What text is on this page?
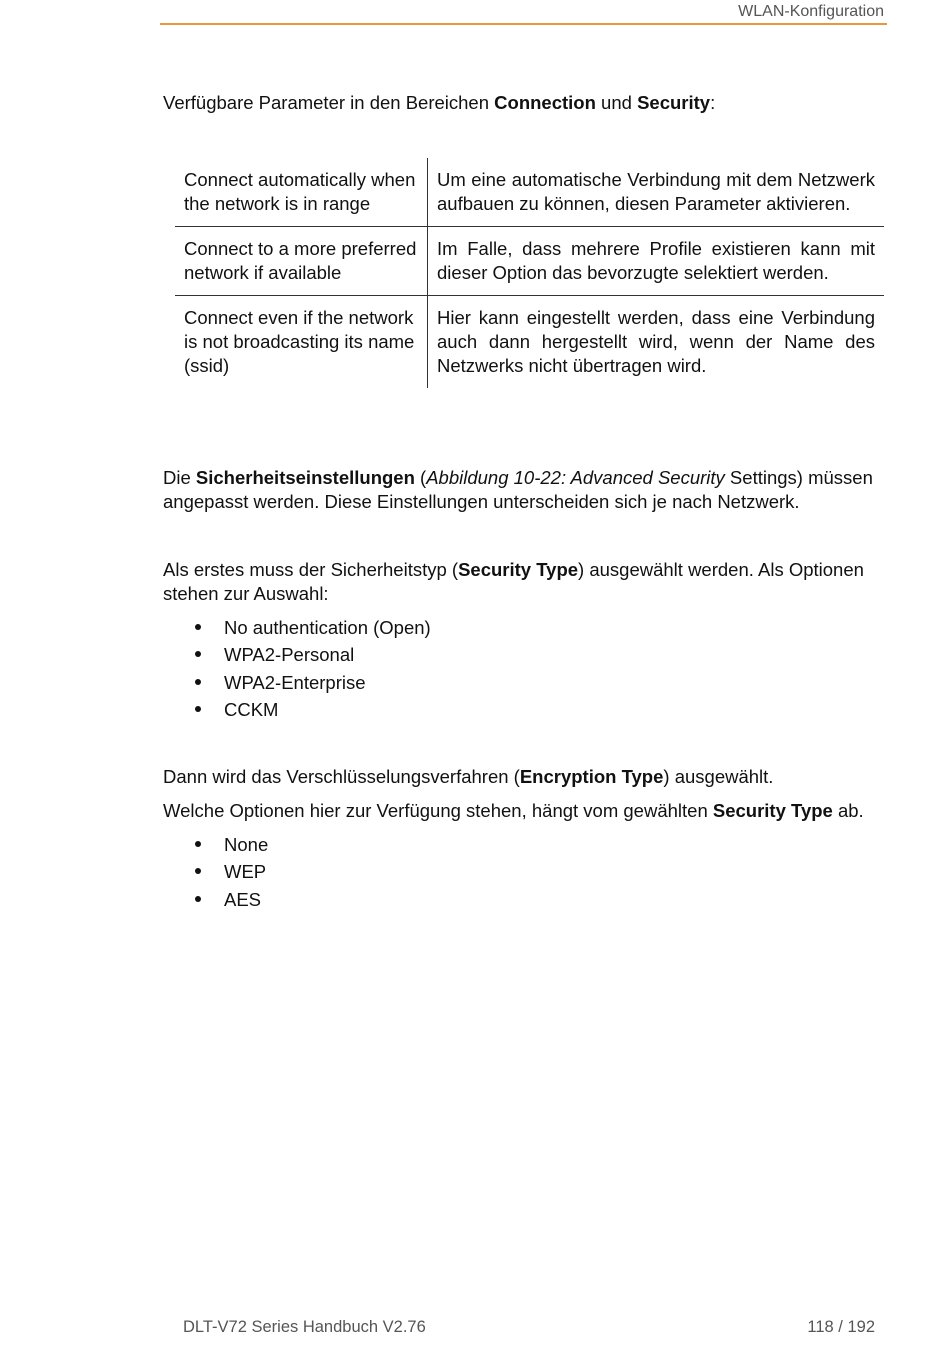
WLAN-Konfiguration

Verfügbare Parameter in den Bereichen Connection und Security:

Connect automatically when the network is in range	Um eine automatische Verbindung mit dem Netzwerk aufbauen zu können, diesen Parameter aktivieren.
Connect to a more preferred network if available	Im Falle, dass mehrere Profile existieren kann mit dieser Option das bevorzugte selektiert werden.
Connect even if the network is not broadcasting its name (ssid)	Hier kann eingestellt werden, dass eine Verbindung auch dann hergestellt wird, wenn der Name des Netzwerks nicht übertragen wird.

Die Sicherheitseinstellungen (Abbildung 10-22: Advanced Security Settings) müssen angepasst werden. Diese Einstellungen unterscheiden sich je nach Netzwerk.

Als erstes muss der Sicherheitstyp (Security Type) ausgewählt werden. Als Optionen stehen zur Auswahl:

No authentication (Open)
WPA2-Personal
WPA2-Enterprise
CCKM

Dann wird das Verschlüsselungsverfahren (Encryption Type) ausgewählt.

Welche Optionen hier zur Verfügung stehen, hängt vom gewählten Security Type ab.

None
WEP
AES
DLT-V72 Series Handbuch V2.76	118 / 192
